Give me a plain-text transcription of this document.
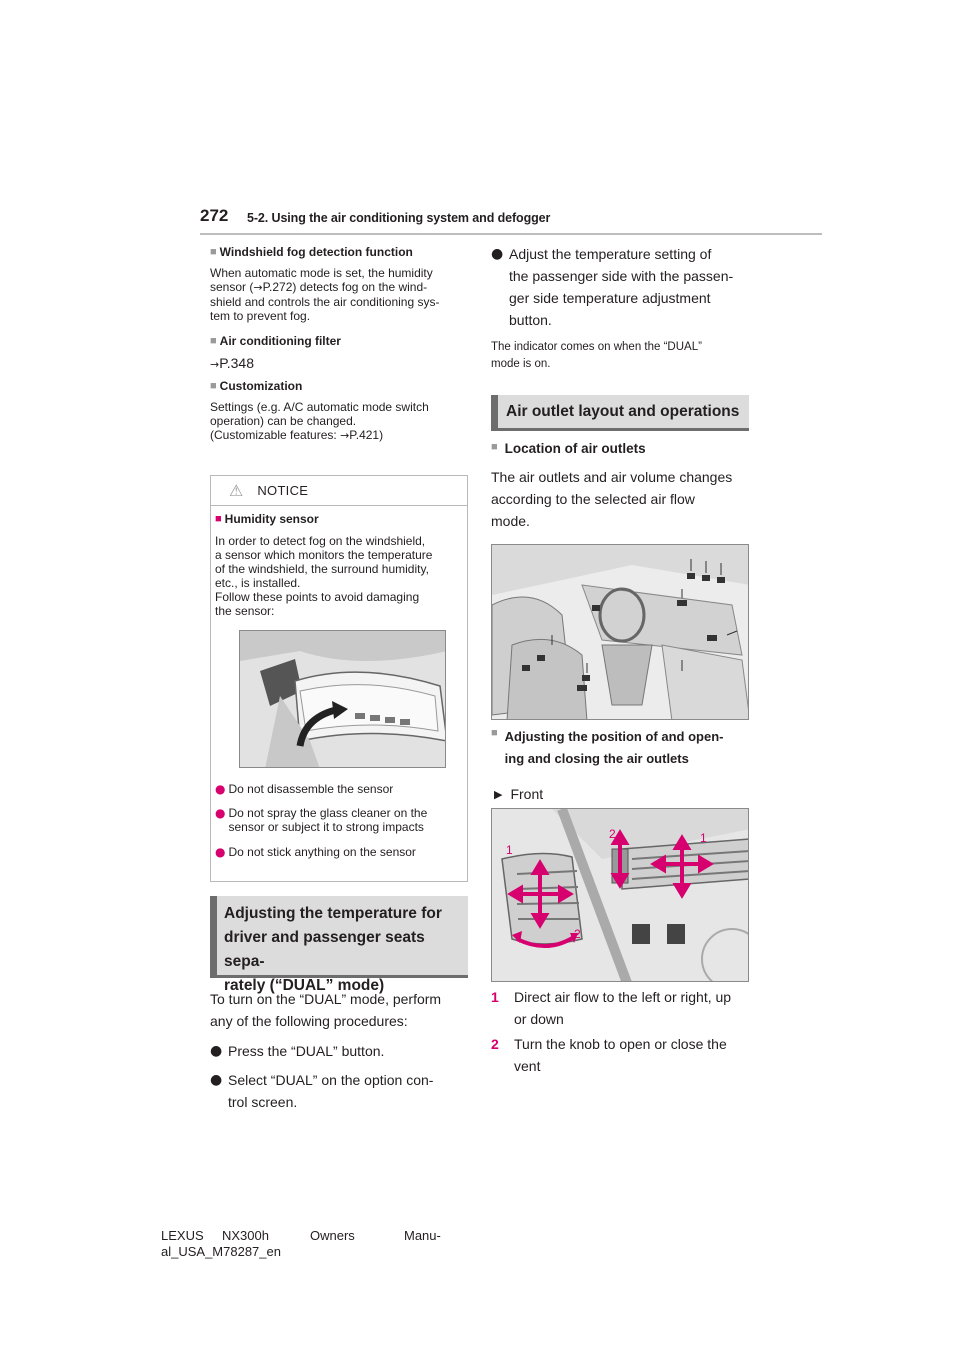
272 5-2. Using the air conditioning system and defogger
■ Windshield fog detection function
When automatic mode is set, the humidity
sensor (→P.272) detects fog on the wind-
shield and controls the air conditioning sys-
tem to prevent fog.
■ Air conditioning filter
→P.348
■ Customization
Settings (e.g. A/C automatic mode switch
operation) can be changed.
(Customizable features: →P.421)
⚠ NOTICE
■ Humidity sensor
In order to detect fog on the windshield,
a sensor which monitors the temperature
of the windshield, the surround humidity,
etc., is installed.
Follow these points to avoid damaging
the sensor:
● Do not disassemble the sensor
● Do not spray the glass cleaner on the
sensor or subject it to strong impacts
● Do not stick anything on the sensor
Adjusting the temperature for
driver and passenger seats sepa-
rately (“DUAL” mode)
To turn on the “DUAL” mode, perform
any of the following procedures:
● Press the “DUAL” button.
● Select “DUAL” on the option con-
trol screen.
● Adjust the temperature setting of
the passenger side with the passen-
ger side temperature adjustment
button.
The indicator comes on when the “DUAL”
mode is on.
Air outlet layout and operations
■ Location of air outlets
The air outlets and air volume changes
according to the selected air flow
mode.
■ Adjusting the position of and open-
ing and closing the air outlets
▶ Front
1
2
1
2
1	Direct air flow to the left or right, up
or down
2	Turn the knob to open or close the
vent
LEXUS	NX300h	Owners	Manu-
al_USA_M78287_en
